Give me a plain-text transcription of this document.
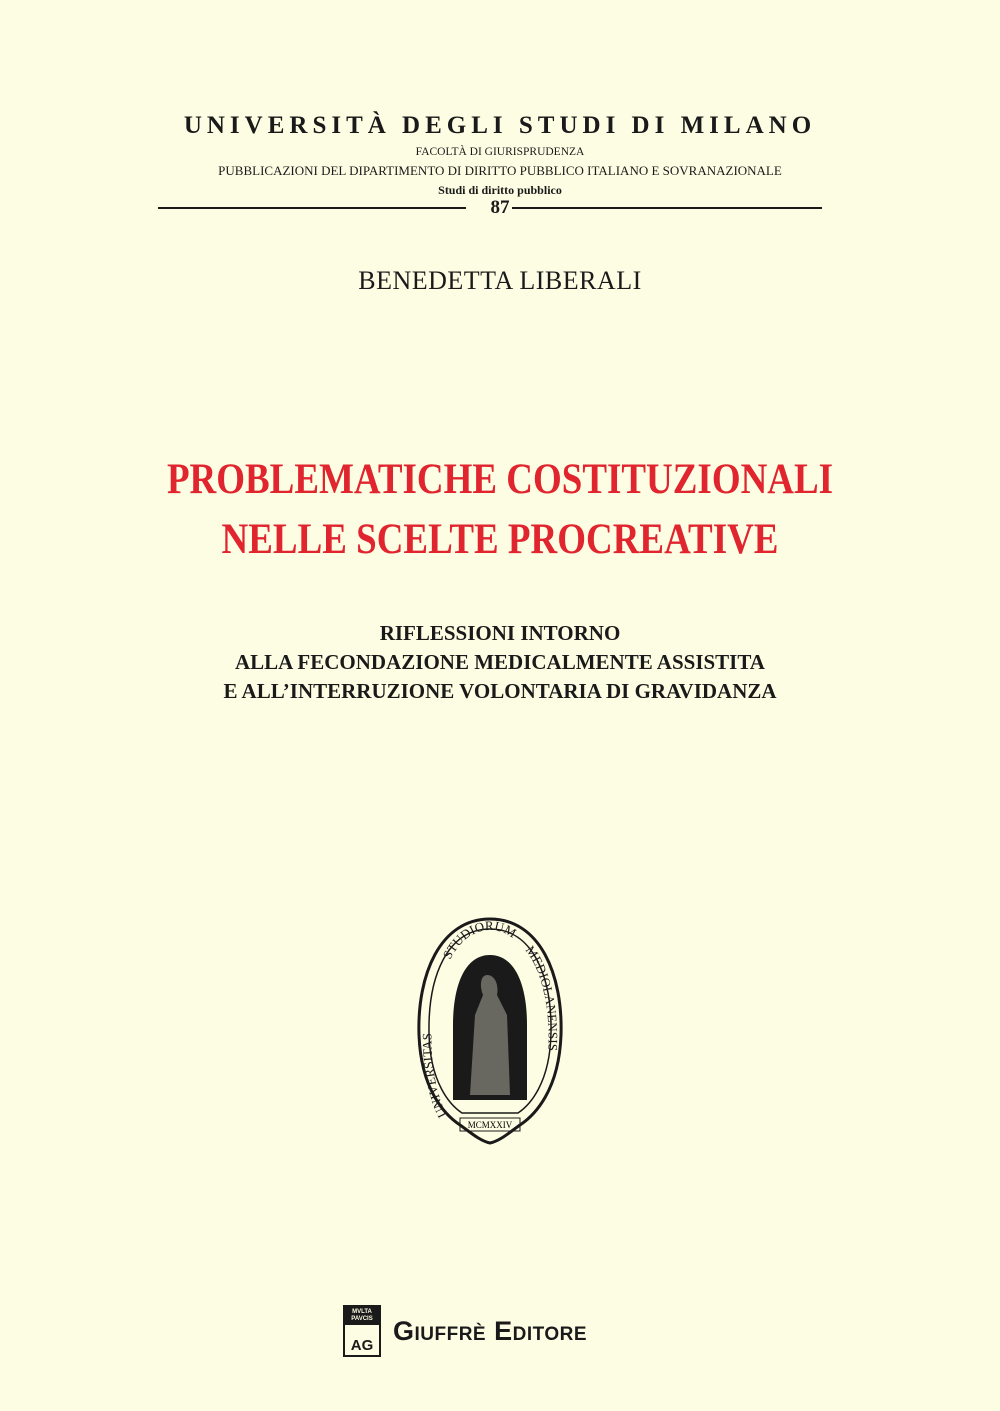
UNIVERSITÀ DEGLI STUDI DI MILANO
FACOLTÀ DI GIURISPRUDENZA
PUBBLICAZIONI DEL DIPARTIMENTO DI DIRITTO PUBBLICO ITALIANO E SOVRANAZIONALE
Studi di diritto pubblico
87
BENEDETTA LIBERALI
PROBLEMATICHE COSTITUZIONALI
NELLE SCELTE PROCREATIVE
RIFLESSIONI INTORNO
ALLA FECONDAZIONE MEDICALMENTE ASSISTITA
E ALL’INTERRUZIONE VOLONTARIA DI GRAVIDANZA
UNIVERSITAS
STUDIORUM
MEDIOLANENSIS
MCMXXIV
MVLTA PAVCIS
AG Giuffrè Editore
